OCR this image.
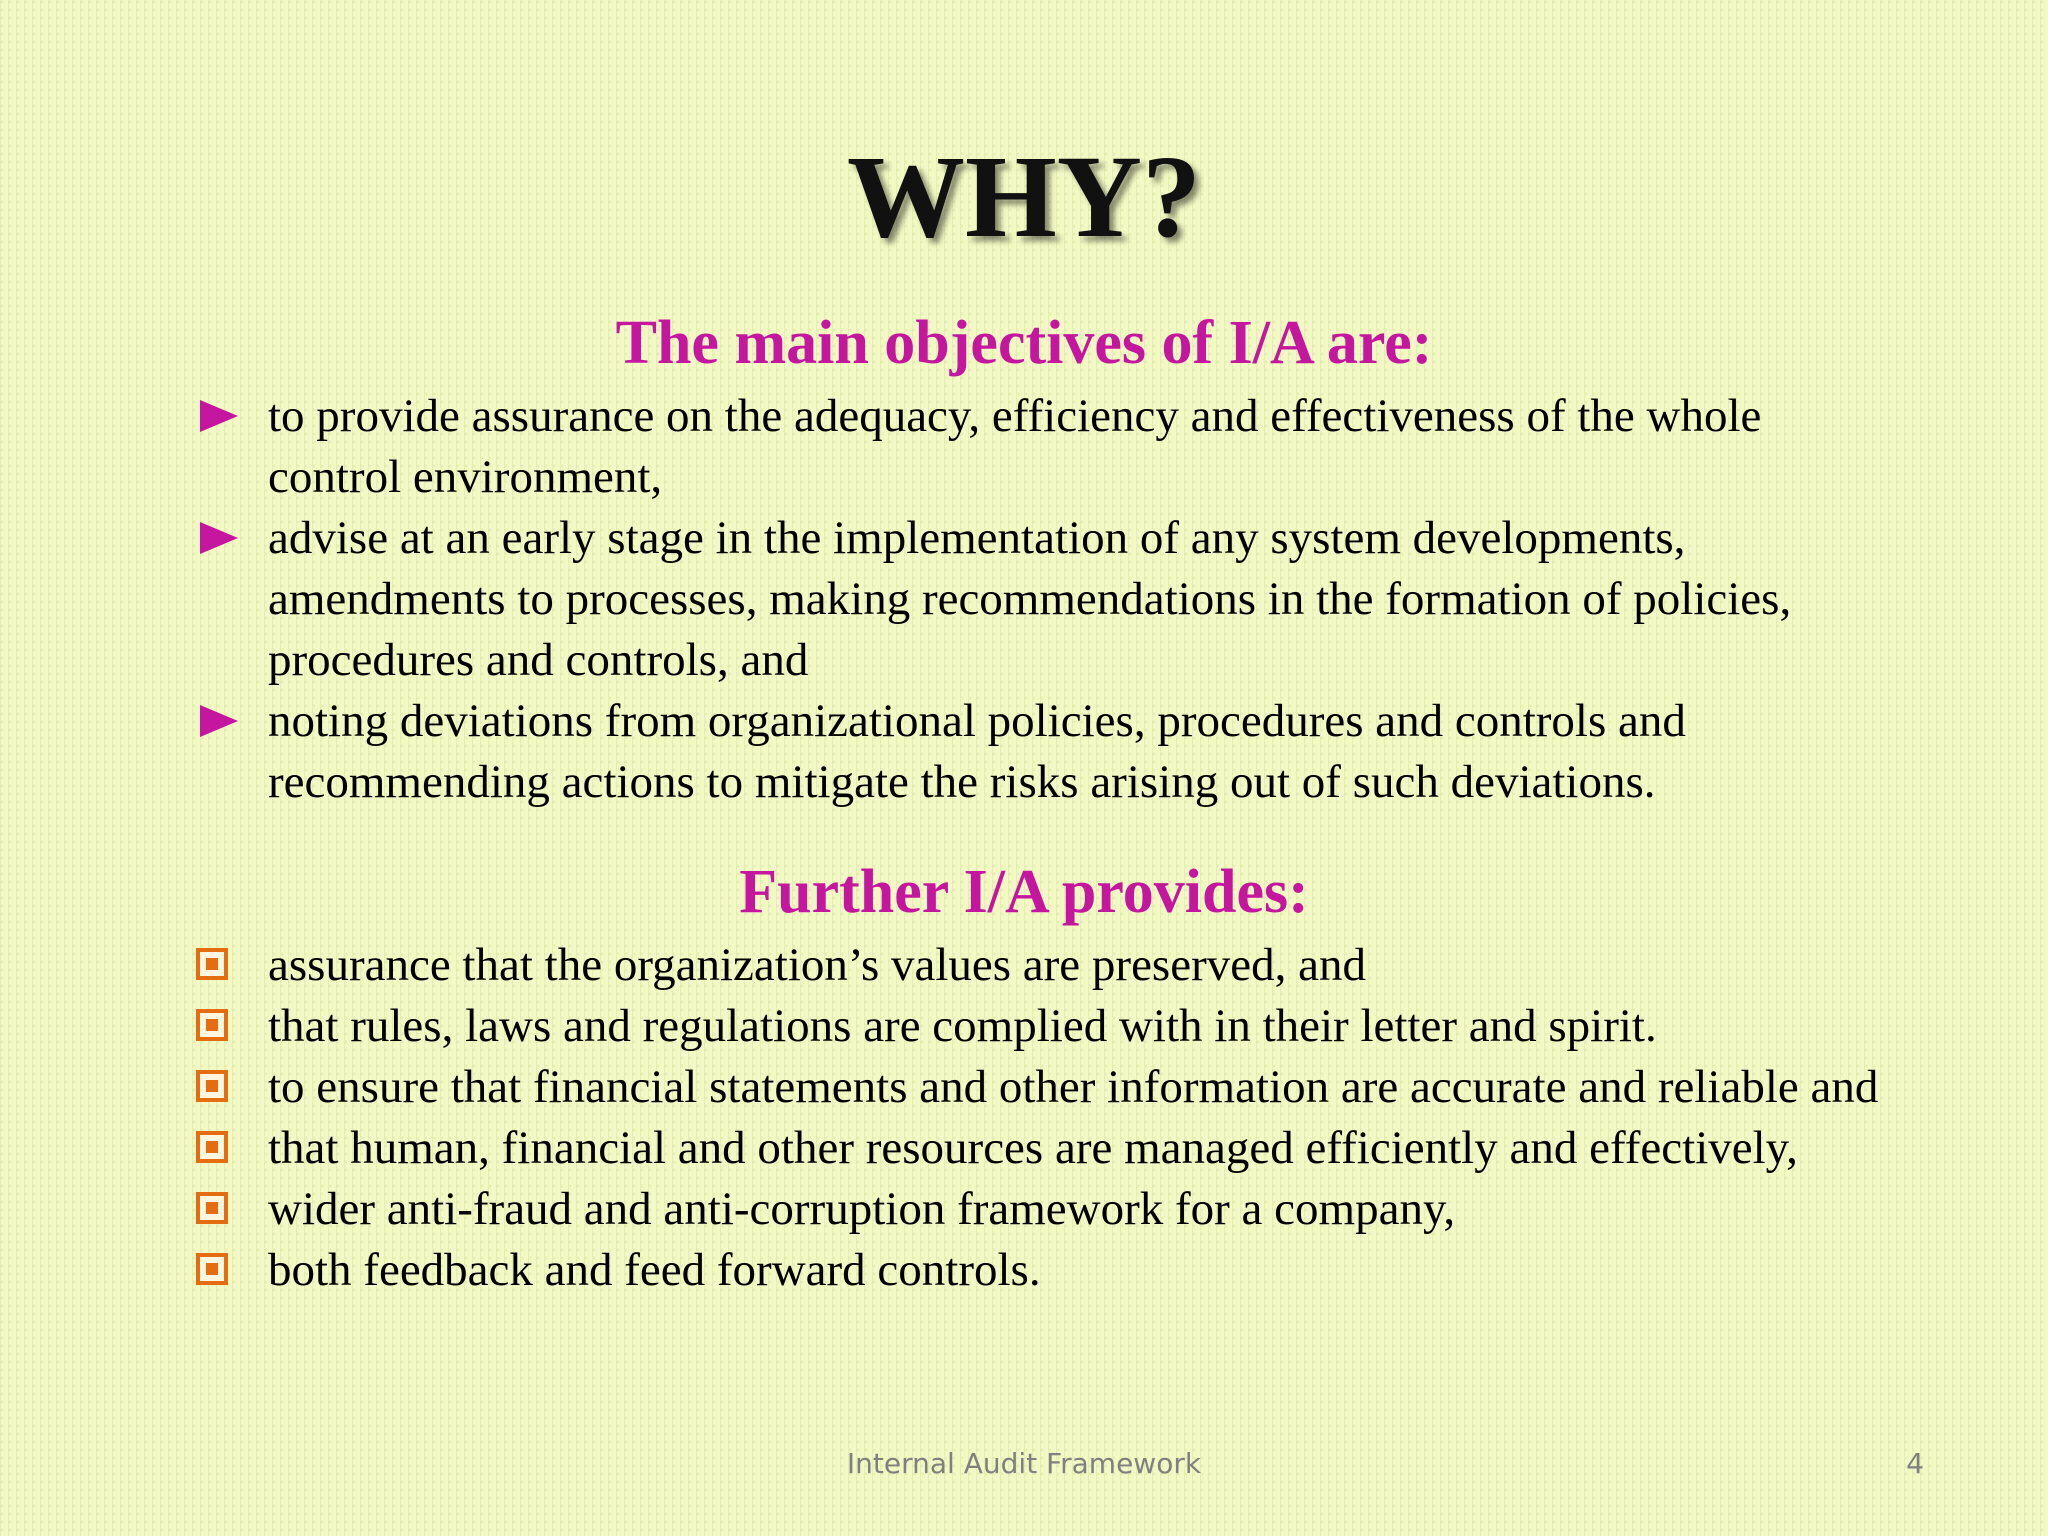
WHY?
The main objectives of I/A are:
to provide assurance on the adequacy, efficiency and effectiveness of the whole control environment,
advise at an early stage in the implementation of any system developments, amendments to processes, making recommendations in the formation of policies, procedures and controls, and
noting deviations from organizational policies, procedures and controls and recommending actions to mitigate the risks arising out of such deviations.
Further I/A provides:
assurance that the organization’s values are preserved, and
that rules, laws and regulations are complied with in their letter and spirit.
to ensure that financial statements and other information are accurate and reliable and
that human, financial and other resources are managed efficiently and effectively,
wider anti-fraud and anti-corruption framework for a company,
both feedback and feed forward controls.
Internal Audit Framework	4
